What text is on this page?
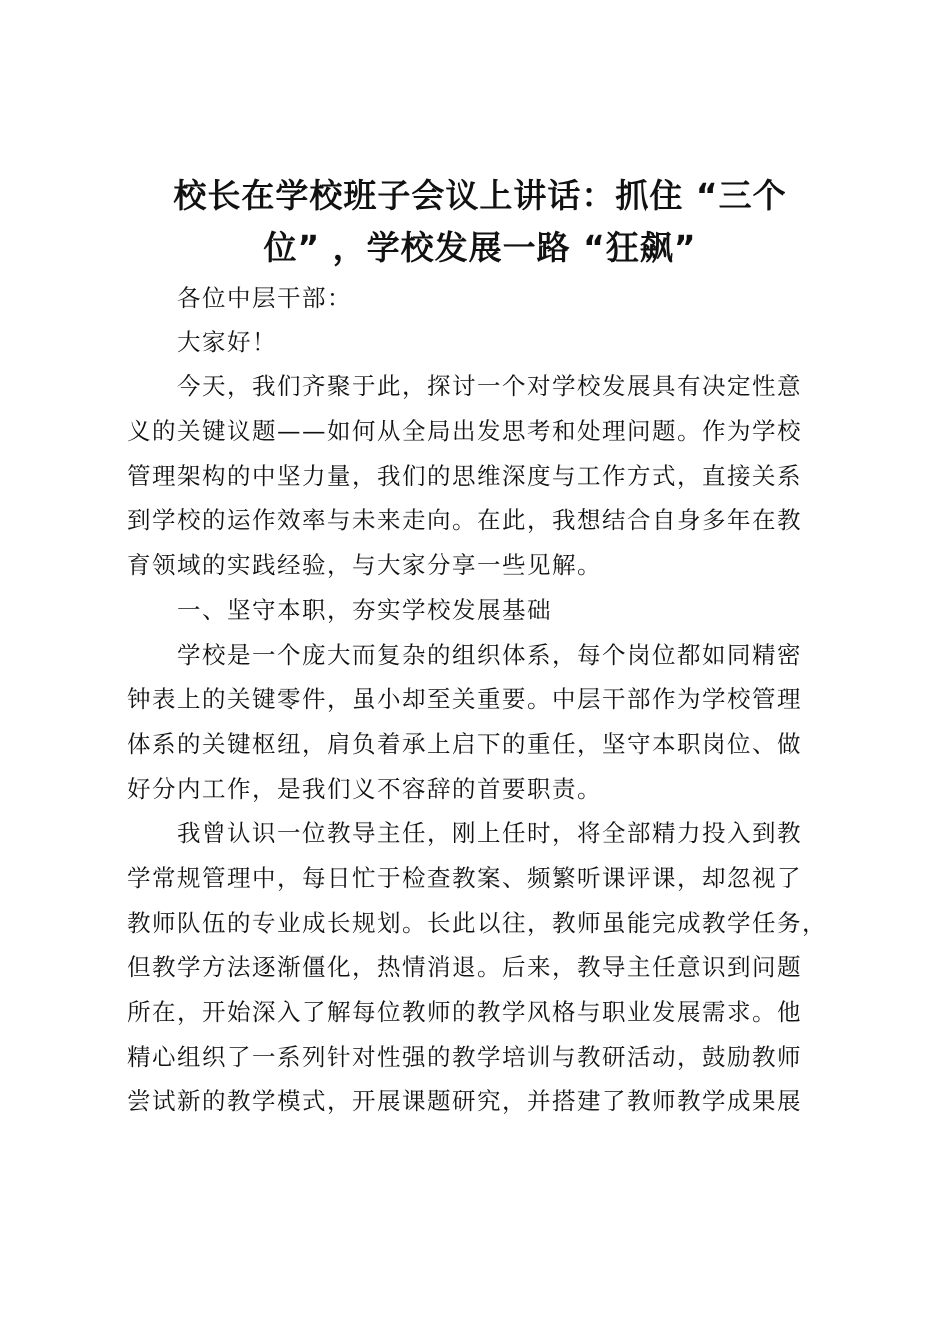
校长在学校班子会议上讲话：抓住 “三个
位” ，学校发展一路 “狂飙”
各位中层干部：
大家好！
今天，我们齐聚于此，探讨一个对学校发展具有决定性意
义的关键议题——如何从全局出发思考和处理问题。作为学校
管理架构的中坚力量，我们的思维深度与工作方式，直接关系
到学校的运作效率与未来走向。在此，我想结合自身多年在教
育领域的实践经验，与大家分享一些见解。
一、坚守本职，夯实学校发展基础
学校是一个庞大而复杂的组织体系，每个岗位都如同精密
钟表上的关键零件，虽小却至关重要。中层干部作为学校管理
体系的关键枢纽，肩负着承上启下的重任，坚守本职岗位、做
好分内工作，是我们义不容辞的首要职责。
我曾认识一位教导主任，刚上任时，将全部精力投入到教
学常规管理中，每日忙于检查教案、频繁听课评课，却忽视了
教师队伍的专业成长规划。长此以往，教师虽能完成教学任务，
但教学方法逐渐僵化，热情消退。后来，教导主任意识到问题
所在，开始深入了解每位教师的教学风格与职业发展需求。他
精心组织了一系列针对性强的教学培训与教研活动，鼓励教师
尝试新的教学模式，开展课题研究，并搭建了教师教学成果展
